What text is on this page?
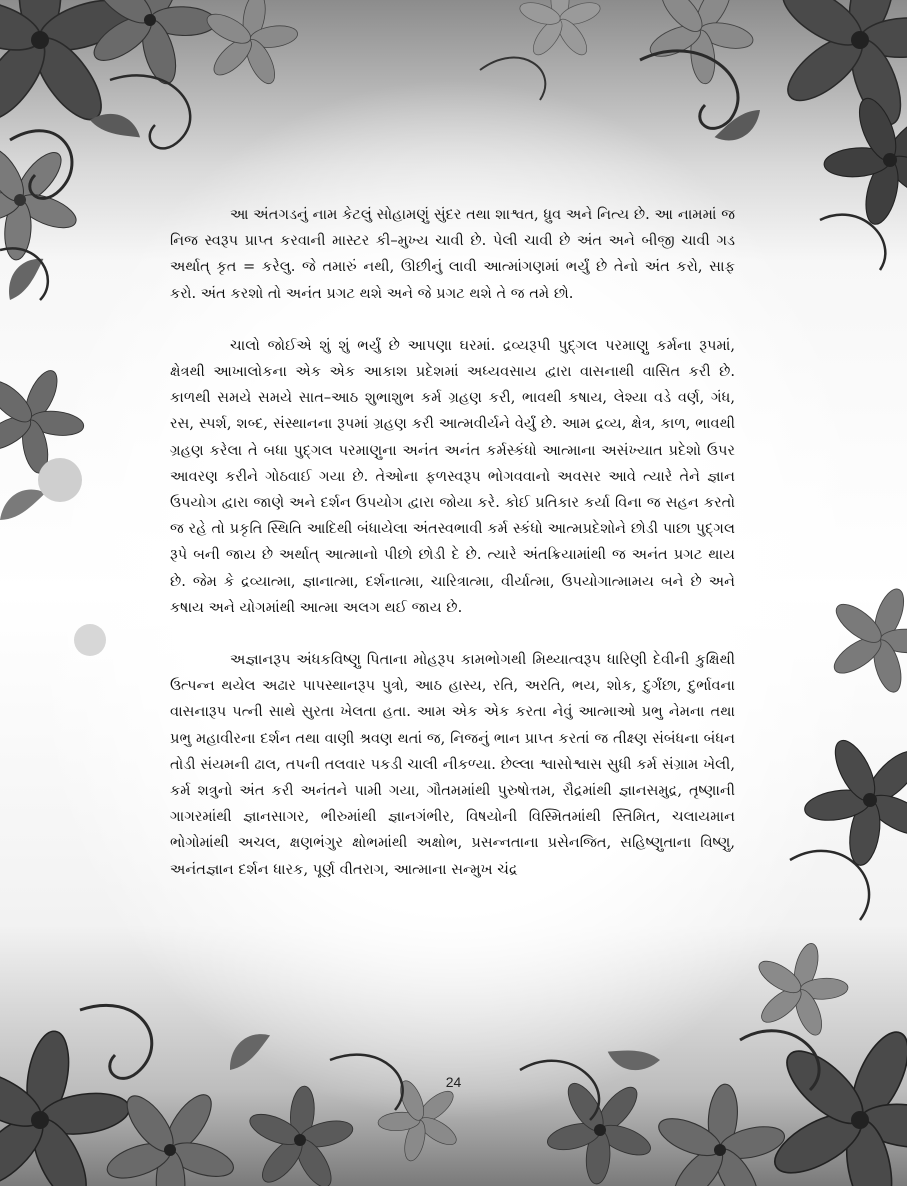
આ અંતગડનું નામ કેટલું સોહામણું સુંદર તથા શાશ્વત, ધ્રુવ અને નિત્ય છે. આ નામમાં જ નિજ સ્વરૂપ પ્રાપ્ત કરવાની માસ્ટર કી–મુખ્ય ચાવી છે. પેલી ચાવી છે અંત અને બીજી ચાવી ગડ અર્થાત્ કૃત = કરેલુ. જે તમારું નથી, ઊછીનું લાવી આત્માંગણમાં ભર્યું છે તેનો અંત કરો, સાફ કરો. અંત કરશો તો અનંત પ્રગટ થશે અને જે પ્રગટ થશે તે જ તમે છો.

ચાલો જોઈએ શું શું ભર્યું છે આપણા ઘરમાં. દ્રવ્યરૂપી પુદ્ગલ પરમાણુ કર્મના રૂપમાં, ક્ષેત્રથી આખાલોકના એક એક આકાશ પ્રદેશમાં અધ્યવસાય દ્વારા વાસનાથી વાસિત કરી છે. કાળથી સમયે સમયે સાત–આઠ શુભાશુભ કર્મ ગ્રહણ કરી, ભાવથી કષાય, લેશ્યા વડે વર્ણ, ગંધ, રસ, સ્પર્શ, શબ્દ, સંસ્થાનના રૂપમાં ગ્રહણ કરી આત્મવીર્યને વેર્યું છે. આમ દ્રવ્ય, ક્ષેત્ર, કાળ, ભાવથી ગ્રહણ કરેલા તે બધા પુદ્ગલ પરમાણુના અનંત અનંત કર્મસ્કંધો આત્માના અસંખ્યાત પ્રદેશો ઉપર આવરણ કરીને ગોઠવાઈ ગયા છે. તેઓના ફળસ્વરૂપ ભોગવવાનો અવસર આવે ત્યારે તેને જ્ઞાન ઉપયોગ દ્વારા જાણે અને દર્શન ઉપયોગ દ્વારા જોયા કરે. કોઈ પ્રતિકાર કર્યા વિના જ સહન કરતો જ રહે તો પ્રકૃતિ સ્થિતિ આદિથી બંધાયેલા અંતસ્વભાવી કર્મ સ્કંધો આત્મપ્રદેશોને છોડી પાછા પુદ્ગલ રૂપે બની જાય છે અર્થાત્ આત્માનો પીછો છોડી દે છે. ત્યારે અંતક્રિયામાંથી જ અનંત પ્રગટ થાય છે. જેમ કે દ્રવ્યાત્મા, જ્ઞાનાત્મા, દર્શનાત્મા, ચારિત્રાત્મા, વીર્યાત્મા, ઉપયોગાત્મામય બને છે અને કષાય અને યોગમાંથી આત્મા અલગ થઈ જાય છે.

અજ્ઞાનરૂપ અંધકવિષ્ણુ પિતાના મોહરૂપ કામભોગથી મિથ્યાત્વરૂપ ધારિણી દેવીની કુક્ષિથી ઉત્પન્ન થયેલ અઢાર પાપસ્થાનરૂપ પુત્રો, આઠ હાસ્ય, રતિ, અરતિ, ભય, શોક, દુર્ગંછા, દુર્ભાવના વાસનારૂપ પત્ની સાથે સુરતા ખેલતા હતા. આમ એક એક કરતા નેવું આત્માઓ પ્રભુ નેમના તથા પ્રભુ મહાવીરના દર્શન તથા વાણી શ્રવણ થતાં જ, નિજનું ભાન પ્રાપ્ત કરતાં જ તીક્ષ્ણ સંબંધના બંધન તોડી સંયમની ઢાલ, તપની તલવાર પકડી ચાલી નીકળ્યા. છેલ્લા શ્વાસોશ્વાસ સુધી કર્મ સંગ્રામ ખેલી, કર્મ શત્રુનો અંત કરી અનંતને પામી ગયા, ગૌતમમાંથી પુરુષોત્તમ, રૌદ્રમાંથી જ્ઞાનસમુદ્ર, તૃષ્ણાની ગાગરમાંથી જ્ઞાનસાગર, ભીરુમાંથી જ્ઞાનગંભીર, વિષયોની વિસ્મિતમાંથી સ્તિમિત, ચલાયમાન ભોગોમાંથી અચલ, ક્ષણભંગુર ક્ષોભમાંથી અક્ષોભ, પ્રસન્નતાના પ્રસેનજિત, સહિષ્ણુતાના વિષ્ણુ, અનંતજ્ઞાન દર્શન ધારક, પૂર્ણ વીતરાગ, આત્માના સન્મુખ ચંદ્ર

24
